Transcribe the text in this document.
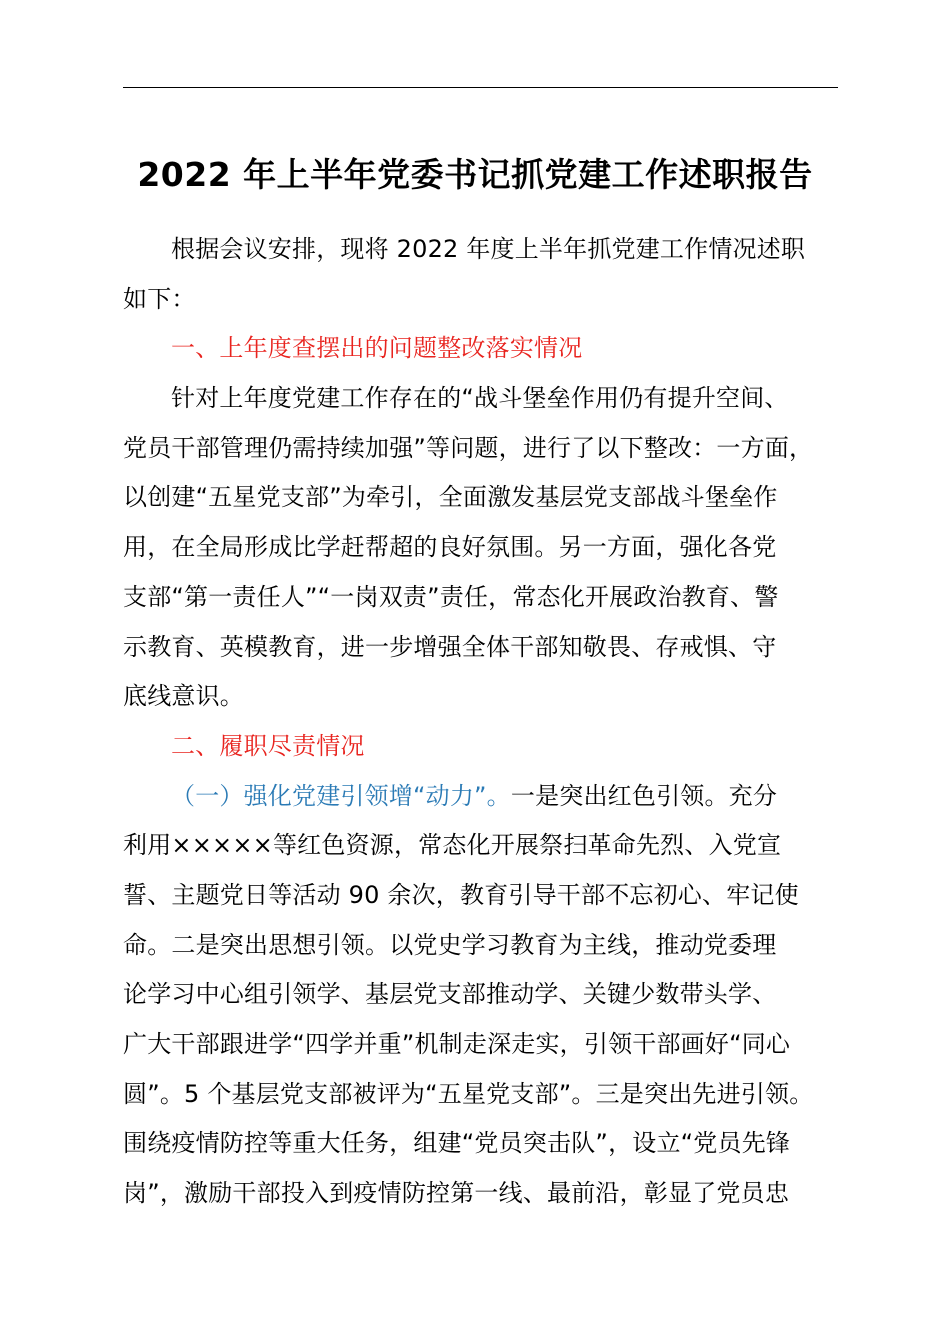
2022 年上半年党委书记抓党建工作述职报告
根据会议安排，现将 2022 年度上半年抓党建工作情况述职
如下：
一、上年度查摆出的问题整改落实情况
针对上年度党建工作存在的“战斗堡垒作用仍有提升空间、
党员干部管理仍需持续加强”等问题，进行了以下整改：一方面，
以创建“五星党支部”为牵引，全面激发基层党支部战斗堡垒作
用，在全局形成比学赶帮超的良好氛围。另一方面，强化各党
支部“第一责任人”“一岗双责”责任，常态化开展政治教育、警
示教育、英模教育，进一步增强全体干部知敬畏、存戒惧、守
底线意识。
二、履职尽责情况
（一）强化党建引领增“动力”。一是突出红色引领。充分
利用×××××等红色资源，常态化开展祭扫革命先烈、入党宣
誓、主题党日等活动 90 余次，教育引导干部不忘初心、牢记使
命。二是突出思想引领。以党史学习教育为主线，推动党委理
论学习中心组引领学、基层党支部推动学、关键少数带头学、
广大干部跟进学“四学并重”机制走深走实，引领干部画好“同心
圆”。5 个基层党支部被评为“五星党支部”。三是突出先进引领。
围绕疫情防控等重大任务，组建“党员突击队”，设立“党员先锋
岗”，激励干部投入到疫情防控第一线、最前沿，彰显了党员忠
